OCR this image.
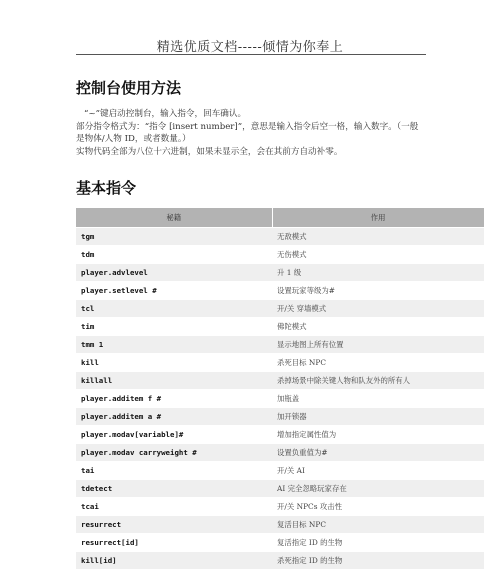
精选优质文档-----倾情为你奉上
控制台使用方法

“~”键启动控制台，输入指令，回车确认。

部分指令格式为：“指令 [insert number]”，意思是输入指令后空一格，输入数字。（一般是物体/人物 ID，或者数量。）

实物代码全部为八位十六进制，如果未显示全，会在其前方自动补零。

基本指令
秘籍	作用
tgm	无敌模式
tdm	无伤模式
player.advlevel	升 1 级
player.setlevel #	设置玩家等级为#
tcl	开/关 穿墙模式
tim	佛陀模式
tmm 1	显示地图上所有位置
kill	杀死目标 NPC
killall	杀掉场景中除关键人物和队友外的所有人
player.additem f #	加瓶盖
player.additem a #	加开锁器
player.modav[variable]#	增加指定属性值为
player.modav carryweight #	设置负重值为#
tai	开/关 AI
tdetect	AI 完全忽略玩家存在
tcai	开/关 NPCs 攻击性
resurrect	复活目标 NPC
resurrect[id]	复活指定 ID 的生物
kill[id]	杀死指定 ID 的生物
